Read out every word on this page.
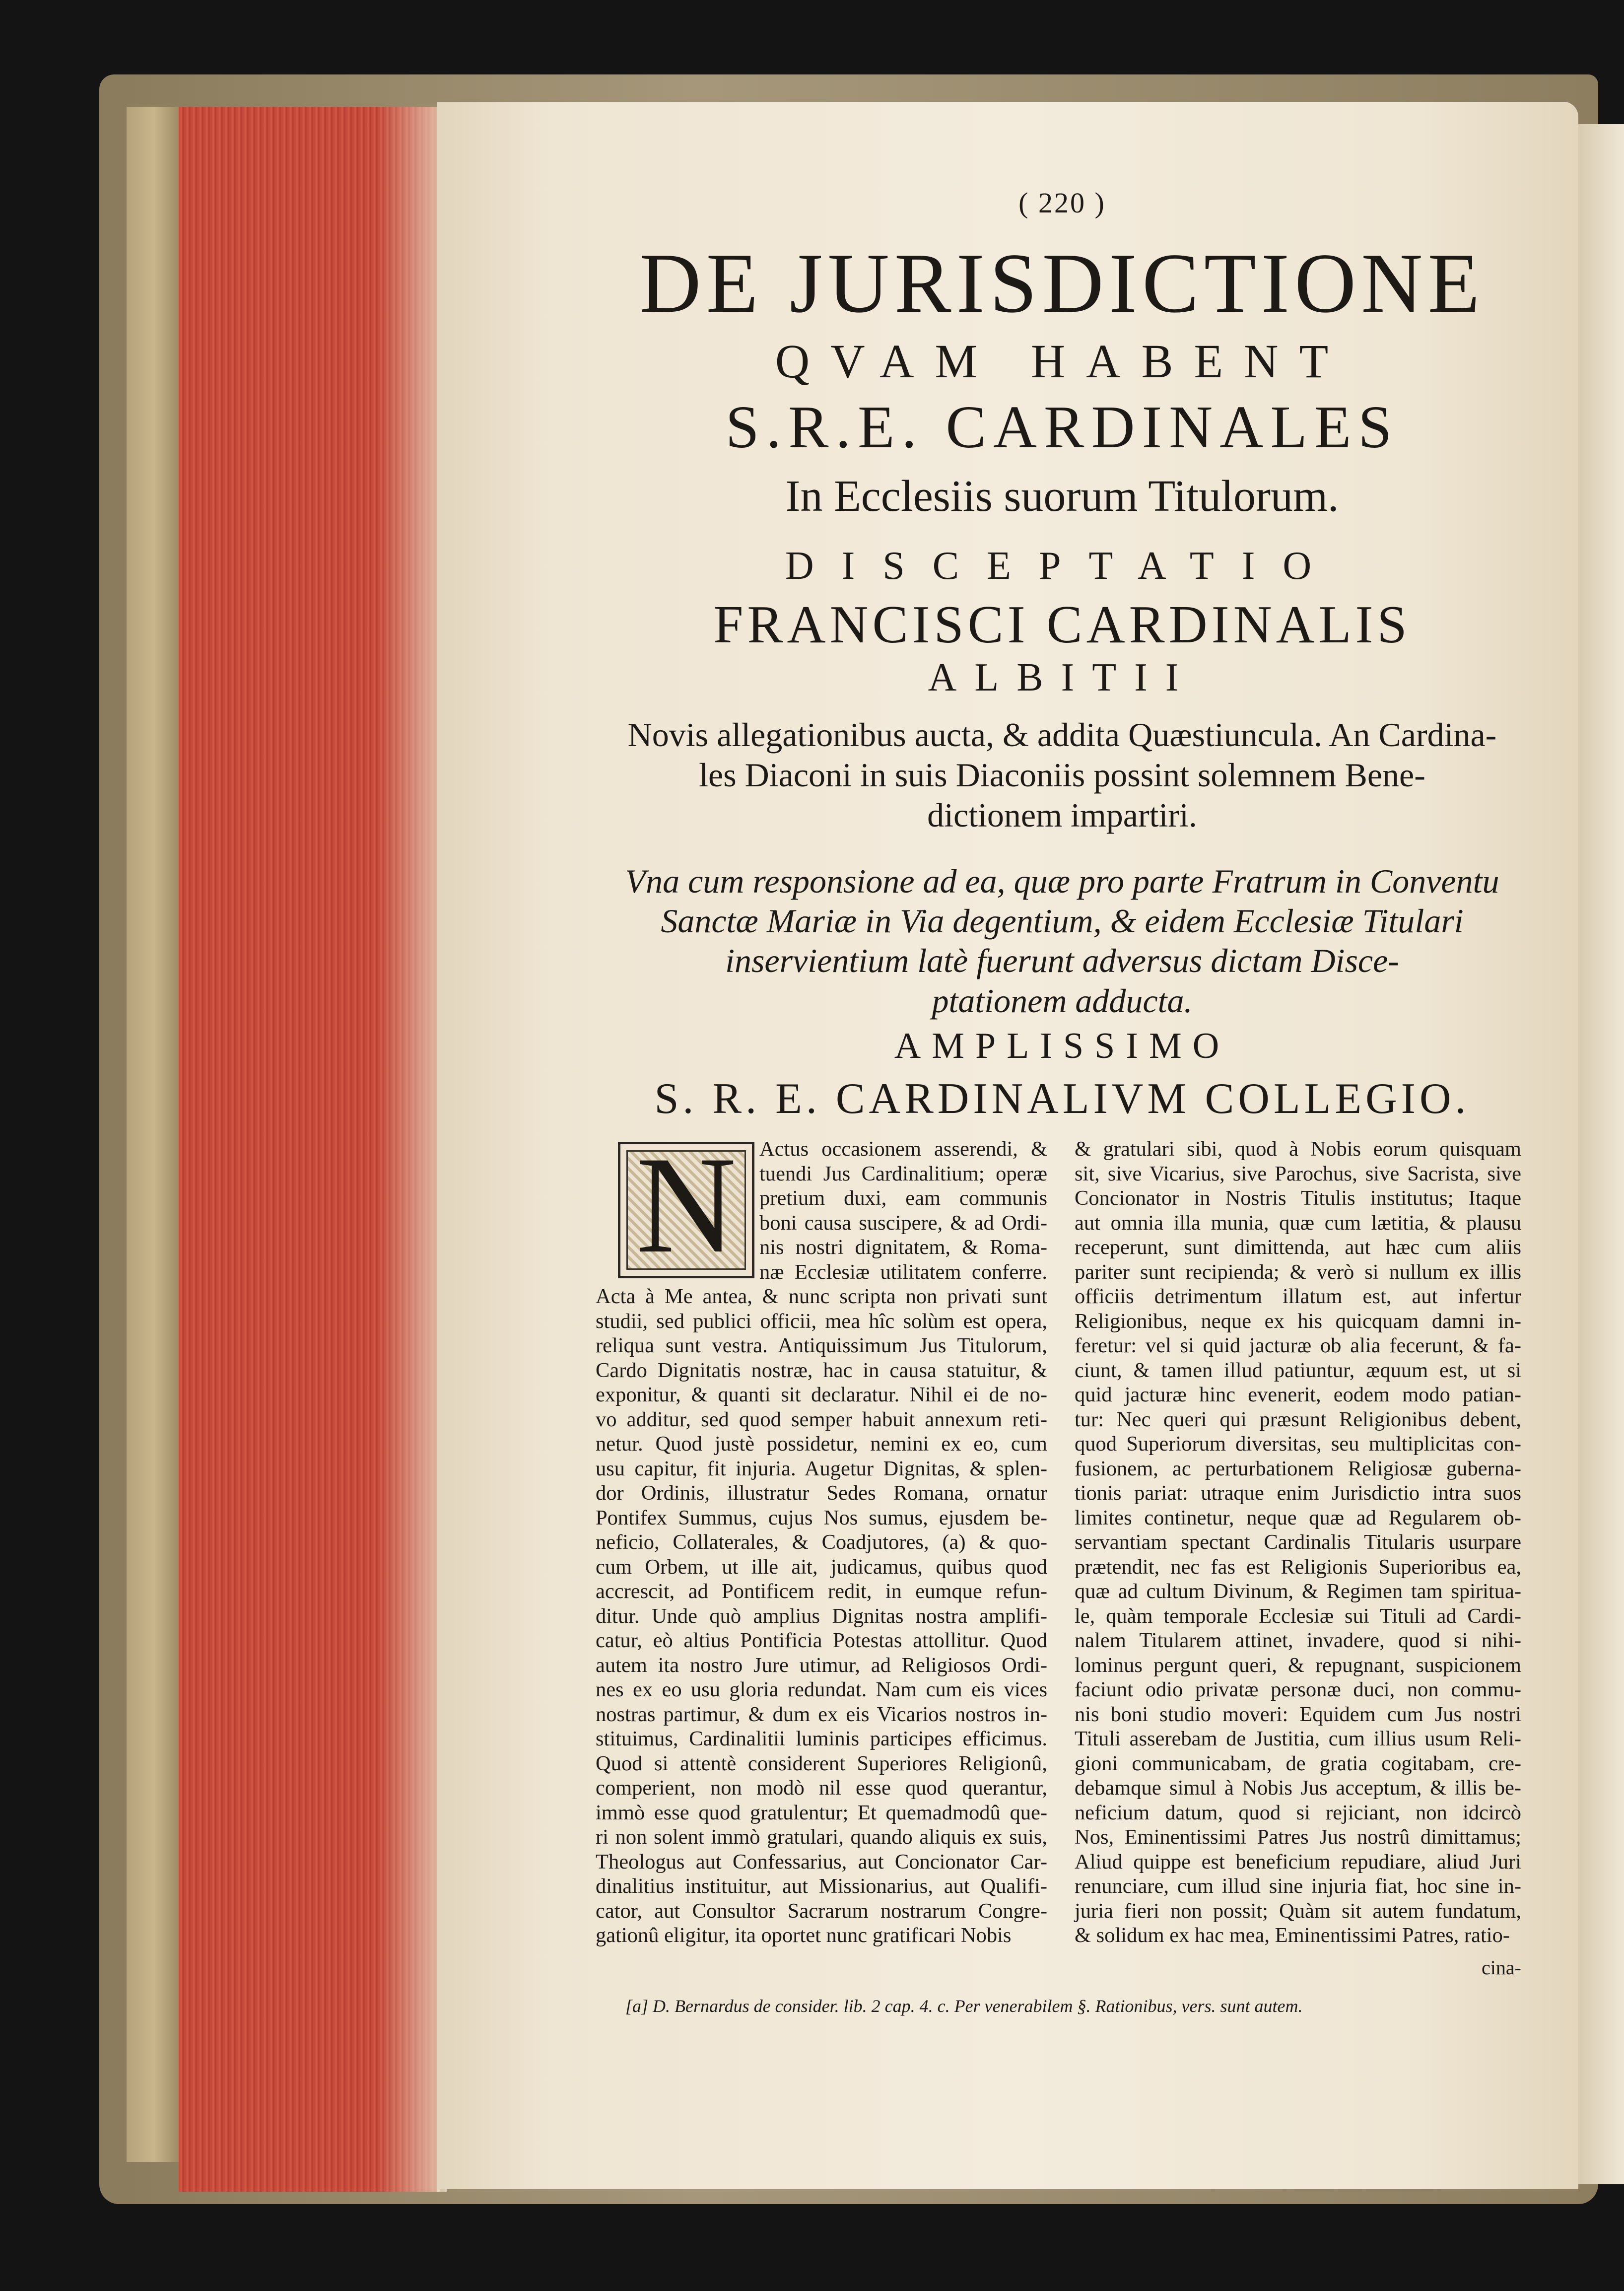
( 220 )
DE JURISDICTIONE
QVAM HABENT
S.R.E. CARDINALES
In Ecclesiis suorum Titulorum.
DISCEPTATIO
FRANCISCI CARDINALIS
ALBITII
Novis allegationibus aucta, & addita Quæstiuncula. An Cardina-
les Diaconi in suis Diaconiis possint solemnem Bene-
dictionem impartiri.
Vna cum responsione ad ea, quæ pro parte Fratrum in Conventu
Sanctæ Mariæ in Via degentium, & eidem Ecclesiæ Titulari
inservientium latè fuerunt adversus dictam Disce-
ptationem adducta.
AMPLISSIMO
S. R. E. CARDINALIVM COLLEGIO.
N	Actus occasionem asserendi, &
tuendi Jus Cardinalitium; operæ
pretium duxi, eam communis
boni causa suscipere, & ad Ordi-
nis nostri dignitatem, & Roma-
næ Ecclesiæ utilitatem conferre.
Acta à Me antea, & nunc scripta non privati sunt
studii, sed publici officii, mea hîc solùm est opera,
reliqua sunt vestra. Antiquissimum Jus Titulorum,
Cardo Dignitatis nostræ, hac in causa statuitur, &
exponitur, & quanti sit declaratur. Nihil ei de no-
vo additur, sed quod semper habuit annexum reti-
netur. Quod justè possidetur, nemini ex eo, cum
usu capitur, fit injuria. Augetur Dignitas, & splen-
dor Ordinis, illustratur Sedes Romana, ornatur
Pontifex Summus, cujus Nos sumus, ejusdem be-
neficio, Collaterales, & Coadjutores, (a) & quo-
cum Orbem, ut ille ait, judicamus, quibus quod
accrescit, ad Pontificem redit, in eumque refun-
ditur. Unde quò amplius Dignitas nostra amplifi-
catur, eò altius Pontificia Potestas attollitur. Quod
autem ita nostro Jure utimur, ad Religiosos Ordi-
nes ex eo usu gloria redundat. Nam cum eis vices
nostras partimur, & dum ex eis Vicarios nostros in-
stituimus, Cardinalitii luminis participes efficimus.
Quod si attentè considerent Superiores Religionû,
comperient, non modò nil esse quod querantur,
immò esse quod gratulentur; Et quemadmodû que-
ri non solent immò gratulari, quando aliquis ex suis,
Theologus aut Confessarius, aut Concionator Car-
dinalitius instituitur, aut Missionarius, aut Qualifi-
cator, aut Consultor Sacrarum nostrarum Congre-
gationû eligitur, ita oportet nunc gratificari Nobis
& gratulari sibi, quod à Nobis eorum quisquam
sit, sive Vicarius, sive Parochus, sive Sacrista, sive
Concionator in Nostris Titulis institutus; Itaque
aut omnia illa munia, quæ cum lætitia, & plausu
receperunt, sunt dimittenda, aut hæc cum aliis
pariter sunt recipienda; & verò si nullum ex illis
officiis detrimentum illatum est, aut infertur
Religionibus, neque ex his quicquam damni in-
feretur: vel si quid jacturæ ob alia fecerunt, & fa-
ciunt, & tamen illud patiuntur, æquum est, ut si
quid jacturæ hinc evenerit, eodem modo patian-
tur: Nec queri qui præsunt Religionibus debent,
quod Superiorum diversitas, seu multiplicitas con-
fusionem, ac perturbationem Religiosæ guberna-
tionis pariat: utraque enim Jurisdictio intra suos
limites continetur, neque quæ ad Regularem ob-
servantiam spectant Cardinalis Titularis usurpare
prætendit, nec fas est Religionis Superioribus ea,
quæ ad cultum Divinum, & Regimen tam spiritua-
le, quàm temporale Ecclesiæ sui Tituli ad Cardi-
nalem Titularem attinet, invadere, quod si nihi-
lominus pergunt queri, & repugnant, suspicionem
faciunt odio privatæ personæ duci, non commu-
nis boni studio moveri: Equidem cum Jus nostri
Tituli asserebam de Justitia, cum illius usum Reli-
gioni communicabam, de gratia cogitabam, cre-
debamque simul à Nobis Jus acceptum, & illis be-
neficium datum, quod si rejiciant, non idcircò
Nos, Eminentissimi Patres Jus nostrû dimittamus;
Aliud quippe est beneficium repudiare, aliud Juri
renunciare, cum illud sine injuria fiat, hoc sine in-
juria fieri non possit; Quàm sit autem fundatum,
& solidum ex hac mea, Eminentissimi Patres, ratio-
cina-
[a] D. Bernardus de consider. lib. 2 cap. 4. c. Per venerabilem §. Rationibus, vers. sunt autem.
